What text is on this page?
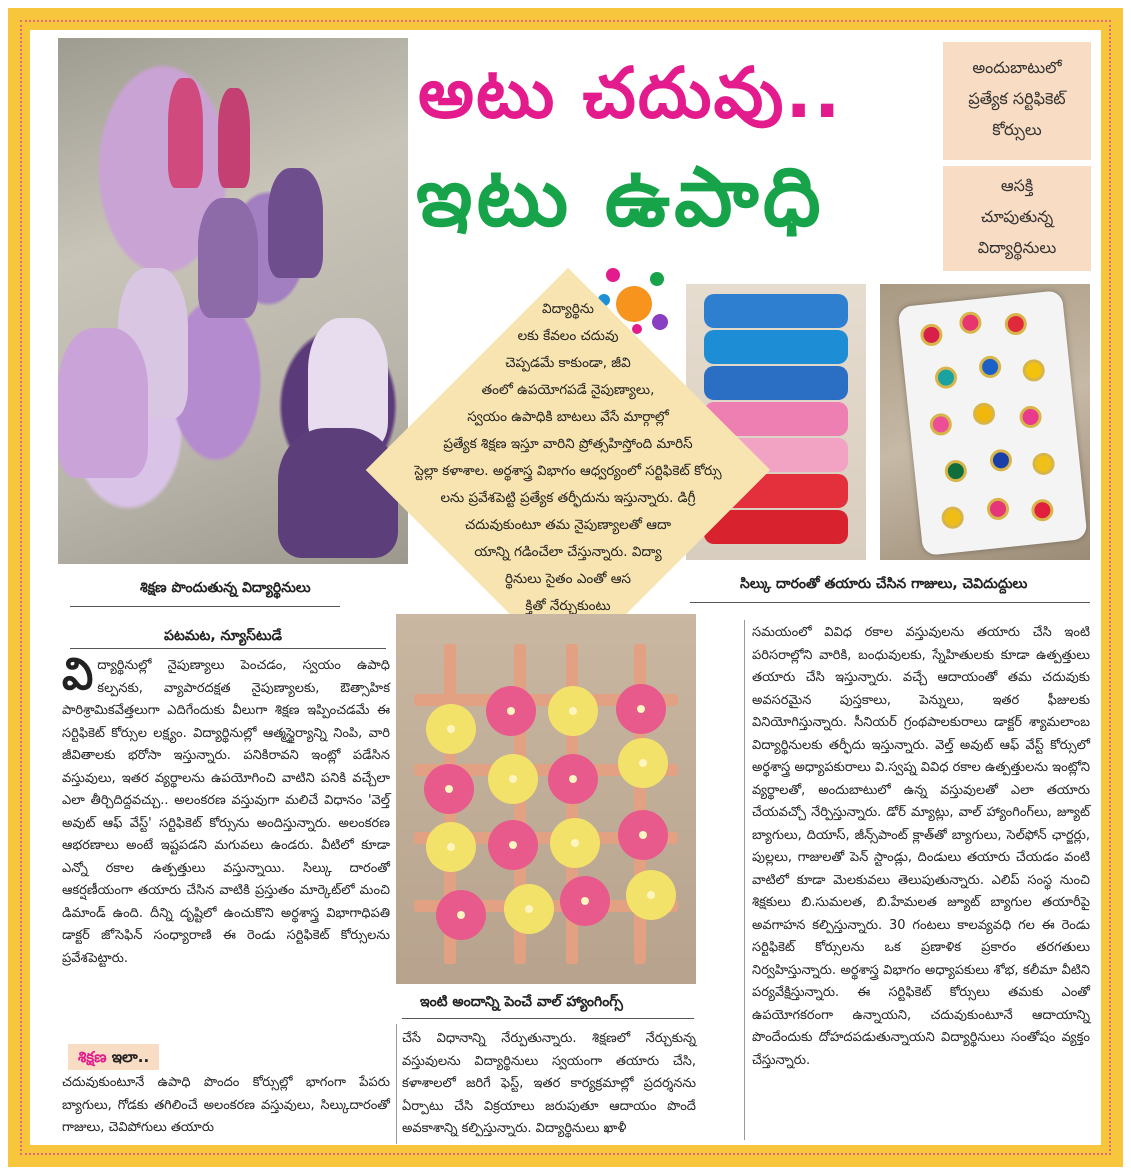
అటు చదువు..
ఇటు ఉపాధి
అందుబాటులో
ప్రత్యేక సర్టిఫికెట్
కోర్సులు
ఆసక్తి
చూపుతున్న
విద్యార్థినులు
విద్యార్థిను
లకు కేవలం చదువు
చెప్పడమే కాకుండా, జీవి
తంలో ఉపయోగపడే నైపుణ్యాలు,
స్వయం ఉపాధికి బాటలు వేసే మార్గాల్లో
ప్రత్యేక శిక్షణ ఇస్తూ వారిని ప్రోత్సహిస్తోంది మారిస్
స్టెల్లా కళాశాల. అర్థశాస్త్ర విభాగం ఆధ్వర్యంలో సర్టిఫికెట్ కోర్సు
లను ప్రవేశపెట్టి ప్రత్యేక తర్ఫీదును ఇస్తున్నారు. డిగ్రీ
చదువుకుంటూ తమ నైపుణ్యాలతో ఆదా
యాన్ని గడించేలా చేస్తున్నారు. విద్యా
ర్థినులు సైతం ఎంతో ఆస
క్తితో నేర్చుకుంటు
శిక్షణ పొందుతున్న విద్యార్థినులు	సిల్కు దారంతో తయారు చేసిన గాజులు, చెవిదుద్దులు
ఇంటి అందాన్ని పెంచే వాల్ హ్యాంగింగ్స్
పటమట, న్యూస్‌టుడే
వి ద్యార్థినుల్లో నైపుణ్యాలు పెంచడం, స్వయం ఉపాధి కల్పనకు, వ్యాపారదక్షత నైపుణ్యాలకు, ఔత్సాహిక పారిశ్రామికవేత్తలుగా ఎదిగేందుకు వీలుగా శిక్షణ ఇప్పించడమే ఈ సర్టిఫికెట్ కోర్సుల లక్ష్యం. విద్యార్థినుల్లో ఆత్మస్థైర్యాన్ని నింపి, వారి జీవితాలకు భరోసా ఇస్తున్నారు. పనికిరావని ఇంట్లో పడేసిన వస్తువులు, ఇతర వ్యర్థాలను ఉపయోగించి వాటిని పనికి వచ్చేలా ఎలా తీర్చిదిద్దవచ్చు.. అలంకరణ వస్తువుగా మలిచే విధానం 'వెల్త్ అవుట్ ఆఫ్ వేస్ట్' సర్టిఫికెట్ కోర్సును అందిస్తున్నారు. అలంకరణ ఆభరణాలు అంటే ఇష్టపడని మగువలు ఉండరు. వీటిలో కూడా ఎన్నో రకాల ఉత్పత్తులు వస్తున్నాయి. సిల్కు దారంతో ఆకర్షణీయంగా తయారు చేసిన వాటికి ప్రస్తుతం మార్కెట్‌లో మంచి డిమాండ్ ఉంది. దీన్ని దృష్టిలో ఉంచుకొని అర్థశాస్త్ర విభాగాధిపతి డాక్టర్ జోసెఫిన్ సంధ్యారాణి ఈ రెండు సర్టిఫికెట్ కోర్సులను ప్రవేశపెట్టారు.
శిక్షణ ఇలా..
చదువుకుంటూనే ఉపాధి పొందం కోర్సుల్లో భాగంగా పేపరు బ్యాగులు, గోడకు తగిలించే అలంకరణ వస్తువులు, సిల్కుదారంతో గాజులు, చెవిపోగులు తయారు
చేసే విధానాన్ని నేర్పుతున్నారు. శిక్షణలో నేర్చుకున్న వస్తువులను విద్యార్థినులు స్వయంగా తయారు చేసి, కళాశాలలో జరిగే ఫెస్ట్, ఇతర కార్యక్రమాల్లో ప్రదర్శనను ఏర్పాటు చేసి విక్రయాలు జరుపుతూ ఆదాయం పొందే అవకాశాన్ని కల్పిస్తున్నారు. విద్యార్థినులు ఖాళీ
సమయంలో వివిధ రకాల వస్తువులను తయారు చేసి ఇంటి పరిసరాల్లోని వారికి, బంధువులకు, స్నేహితులకు కూడా ఉత్పత్తులు తయారు చేసి ఇస్తున్నారు. వచ్చే ఆదాయంతో తమ చదువుకు అవసరమైన పుస్తకాలు, పెన్నులు, ఇతర ఫీజులకు వినియోగిస్తున్నారు. సీనియర్ గ్రంథపాలకురాలు డాక్టర్ శ్యామలాంబ విద్యార్థినులకు తర్ఫీదు ఇస్తున్నారు. వెల్త్ అవుట్ ఆఫ్ వేస్ట్ కోర్సులో అర్థశాస్త్ర అధ్యాపకురాలు వి.స్వప్న వివిధ రకాల ఉత్పత్తులను ఇంట్లోని వ్యర్థాలతో, అందుబాటులో ఉన్న వస్తువులతో ఎలా తయారు చేయవచ్చో నేర్పిస్తున్నారు. డోర్ మ్యాట్లు, వాల్ హ్యాంగింగ్‌లు, జ్యూట్ బ్యాగులు, దియాస్, జీన్స్‌పాంట్ క్లాత్‌తో బ్యాగులు, సెల్‌ఫోన్ ఛార్జర్లు, పుల్లలు, గాజులతో పెన్ స్టాండ్లు, దిండులు తయారు చేయడం వంటి వాటిలో కూడా మెలకువలు తెలుపుతున్నారు. ఎలిప్ సంస్థ నుంచి శిక్షకులు బి.సుమలత, బి.హేమలత జ్యూట్ బ్యాగుల తయారీపై అవగాహన కల్పిస్తున్నారు. 30 గంటలు కాలవ్యవధి గల ఈ రెండు సర్టిఫికెట్ కోర్సులను ఒక ప్రణాళిక ప్రకారం తరగతులు నిర్వహిస్తున్నారు. అర్థశాస్త్ర విభాగం అధ్యాపకులు శోభ, కలీమా వీటిని పర్యవేక్షిస్తున్నారు. ఈ సర్టిఫికెట్ కోర్సులు తమకు ఎంతో ఉపయోగకరంగా ఉన్నాయని, చదువుకుంటూనే ఆదాయాన్ని పొందేందుకు దోహదపడుతున్నాయని విద్యార్థినులు సంతోషం వ్యక్తం చేస్తున్నారు.
